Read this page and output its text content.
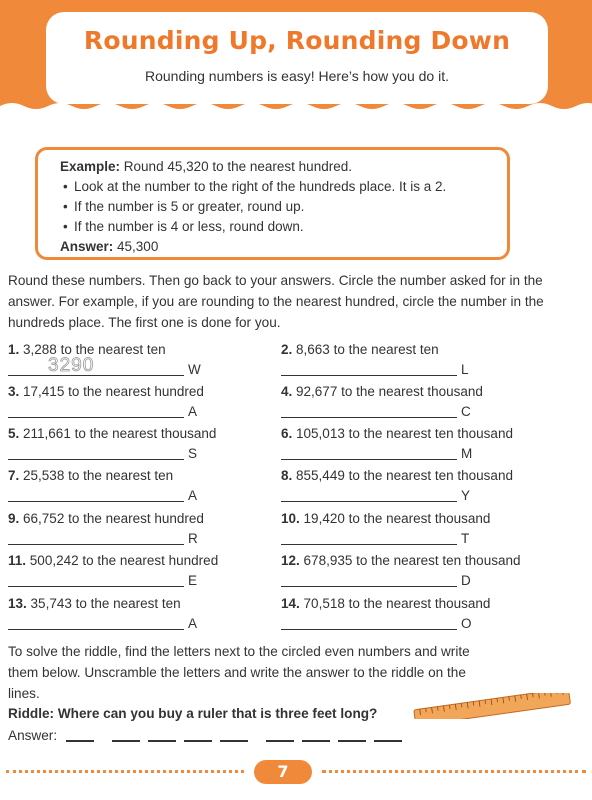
Rounding Up, Rounding Down
Rounding numbers is easy! Here’s how you do it.
Example: Round 45,320 to the nearest hundred.
• Look at the number to the right of the hundreds place. It is a 2.
• If the number is 5 or greater, round up.
• If the number is 4 or less, round down.
Answer: 45,300
Round these numbers. Then go back to your answers. Circle the number asked for in the answer. For example, if you are rounding to the nearest hundred, circle the number in the hundreds place. The first one is done for you.
1. 3,288 to the nearest ten
3290	W
3. 17,415 to the nearest hundred
A
5. 211,661 to the nearest thousand
S
7. 25,538 to the nearest ten
A
9. 66,752 to the nearest hundred
R
11. 500,242 to the nearest hundred
E
13. 35,743 to the nearest ten
A
2. 8,663 to the nearest ten
L
4. 92,677 to the nearest thousand
C
6. 105,013 to the nearest ten thousand
M
8. 855,449 to the nearest ten thousand
Y
10. 19,420 to the nearest thousand
T
12. 678,935 to the nearest ten thousand
D
14. 70,518 to the nearest thousand
O
To solve the riddle, find the letters next to the circled even numbers and write them below. Unscramble the letters and write the answer to the riddle on the lines.
Riddle: Where can you buy a ruler that is three feet long?
Answer:
7
